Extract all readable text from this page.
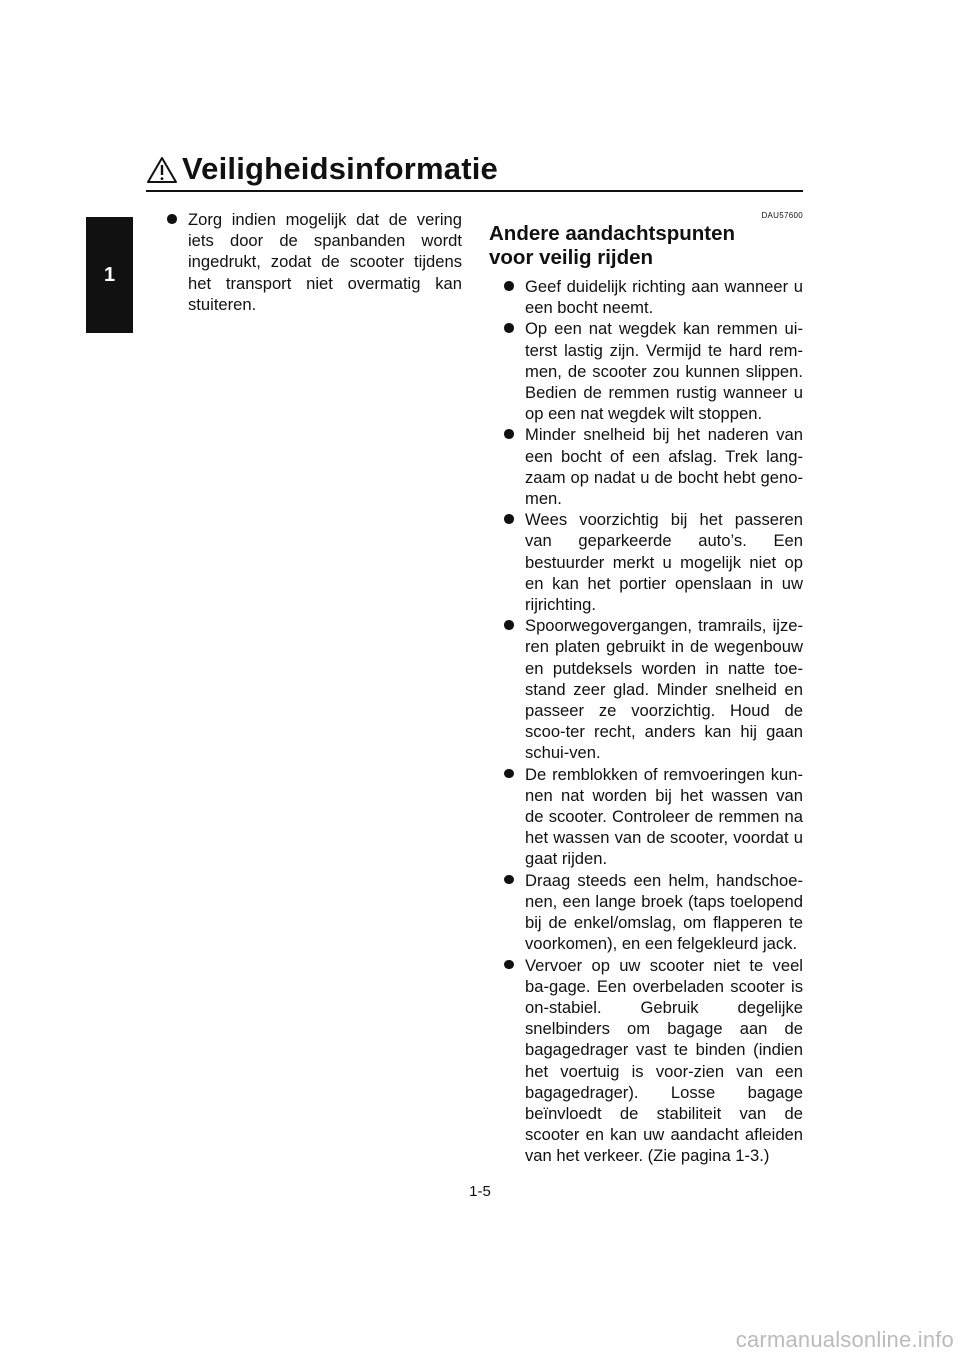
Veiligheidsinformatie
1
Zorg indien mogelijk dat de vering iets door de spanbanden wordt ingedrukt, zodat de scooter tijdens het transport niet overmatig kan stuiteren.
DAU57600
Andere aandachtspunten voor veilig rijden
Geef duidelijk richting aan wanneer u een bocht neemt.
Op een nat wegdek kan remmen ui-terst lastig zijn. Vermijd te hard rem-men, de scooter zou kunnen slippen. Bedien de remmen rustig wanneer u op een nat wegdek wilt stoppen.
Minder snelheid bij het naderen van een bocht of een afslag. Trek lang-zaam op nadat u de bocht hebt geno-men.
Wees voorzichtig bij het passeren van geparkeerde auto’s. Een bestuurder merkt u mogelijk niet op en kan het portier openslaan in uw rijrichting.
Spoorwegovergangen, tramrails, ijze-ren platen gebruikt in de wegenbouw en putdeksels worden in natte toe-stand zeer glad. Minder snelheid en passeer ze voorzichtig. Houd de scoo-ter recht, anders kan hij gaan schui-ven.
De remblokken of remvoeringen kun-nen nat worden bij het wassen van de scooter. Controleer de remmen na het wassen van de scooter, voordat u gaat rijden.
Draag steeds een helm, handschoe-nen, een lange broek (taps toelopend bij de enkel/omslag, om flapperen te voorkomen), en een felgekleurd jack.
Vervoer op uw scooter niet te veel ba-gage. Een overbeladen scooter is on-stabiel. Gebruik degelijke snelbinders om bagage aan de bagagedrager vast te binden (indien het voertuig is voor-zien van een bagagedrager). Losse bagage beïnvloedt de stabiliteit van de scooter en kan uw aandacht afleiden van het verkeer. (Zie pagina 1-3.)
1-5
carmanualsonline.info
